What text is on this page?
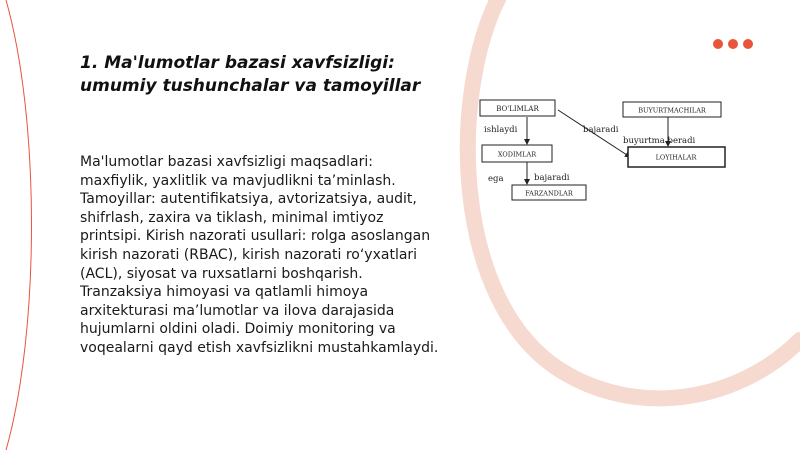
1. Ma'lumotlar bazasi xavfsizligi: umumiy tushunchalar va tamoyillar
Ma'lumotlar bazasi xavfsizligi maqsadlari: maxfiylik, yaxlitlik va mavjudlikni ta’minlash. Tamoyillar: autentifikatsiya, avtorizatsiya, audit, shifrlash, zaxira va tiklash, minimal imtiyoz printsipi. Kirish nazorati usullari: rolga asoslangan kirish nazorati (RBAC), kirish nazorati ro‘yxatlari (ACL), siyosat va ruxsatlarni boshqarish. Tranzaksiya himoyasi va qatlamli himoya arxitekturasi ma’lumotlar va ilova darajasida hujumlarni oldini oladi. Doimiy monitoring va voqealarni qayd etish xavfsizlikni mustahkamlaydi.
BO'LIMLAR	BUYURTMACHILAR
XODIMLAR	LOYIHALAR
FARZANDLAR
ishlaydi	bajaradi
buyurtma beradi
ega	bajaradi
